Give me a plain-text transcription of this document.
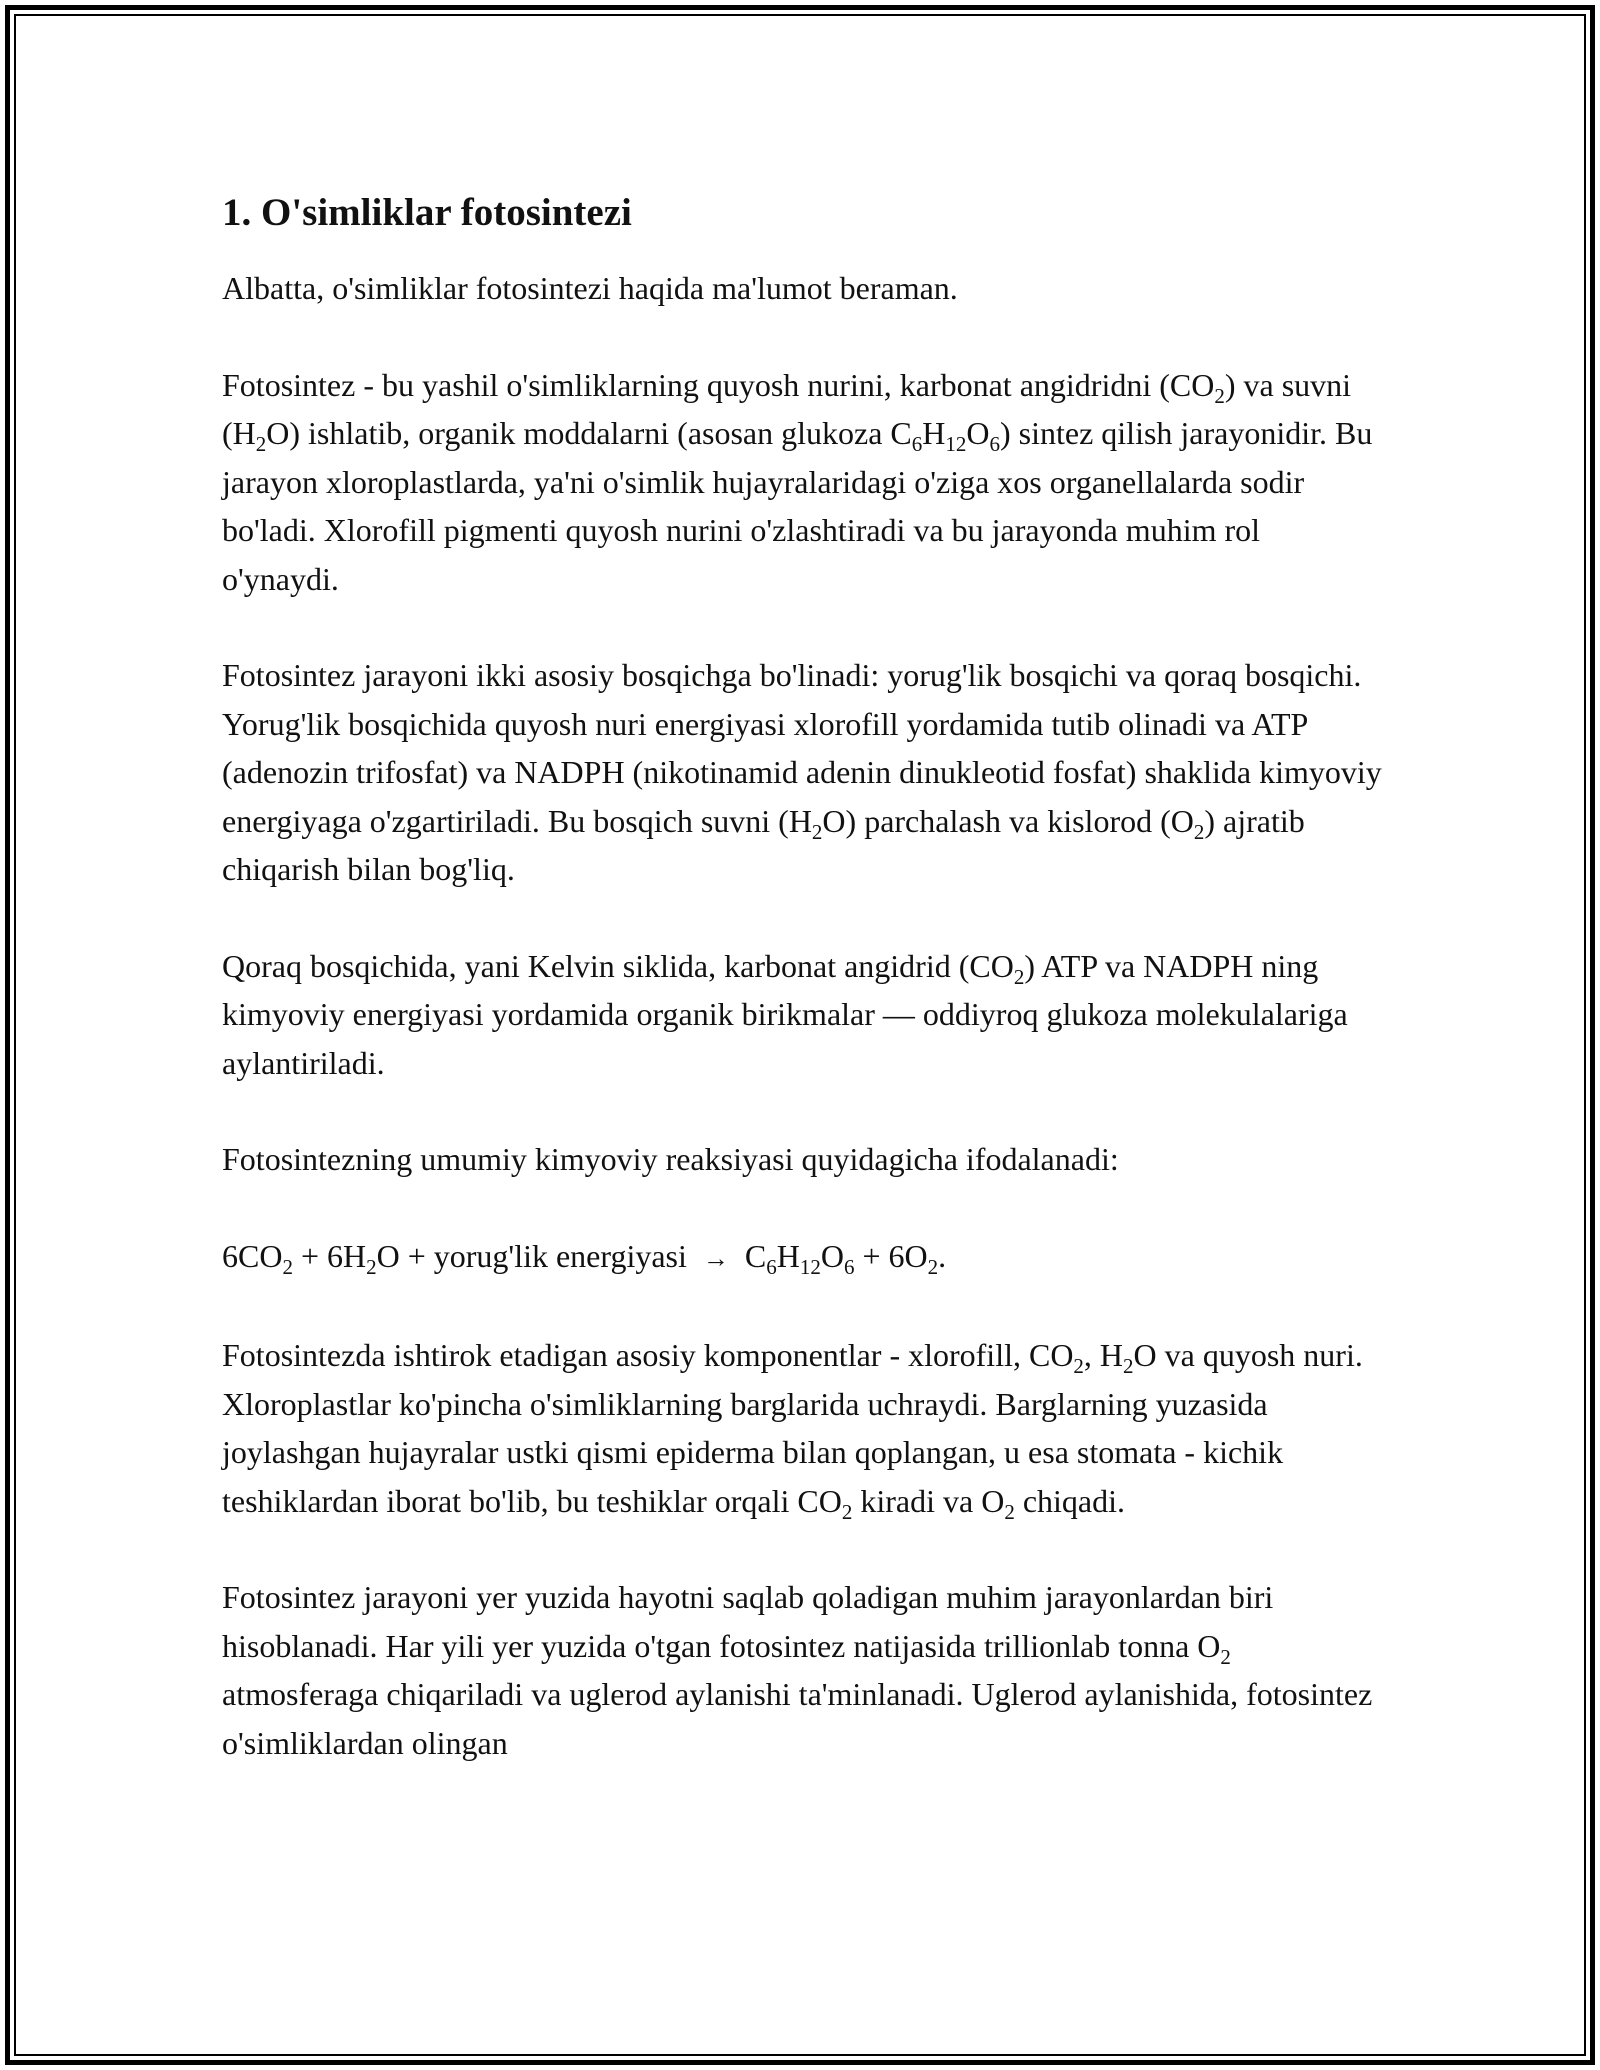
1. O'simliklar fotosintezi

Albatta, o'simliklar fotosintezi haqida ma'lumot beraman.

Fotosintez - bu yashil o'simliklarning quyosh nurini, karbonat angidridni $(CO_2)$ va suvni $(H_2O)$ ishlatib, organik moddalarni (asosan glukoza $C_6H_{12}O_6$) sintez qilish jarayonidir. Bu jarayon xloroplastlarda, ya'ni o'simlik hujayralaridagi o'ziga xos organellalarda sodir bo'ladi. Xlorofill pigmenti quyosh nurini o'zlashtiradi va bu jarayonda muhim rol o'ynaydi.

Fotosintez jarayoni ikki asosiy bosqichga bo'linadi: yorug'lik bosqichi va qoraq bosqichi. Yorug'lik bosqichida quyosh nuri energiyasi xlorofill yordamida tutib olinadi va ATP (adenozin trifosfat) va NADPH (nikotinamid adenin dinukleotid fosfat) shaklida kimyoviy energiyaga o'zgartiriladi. Bu bosqich suvni $(H_2O)$ parchalash va kislorod $(O_2)$ ajratib chiqarish bilan bog'liq.

Qoraq bosqichida, yani Kelvin siklida, karbonat angidrid $(CO_2)$ ATP va NADPH ning kimyoviy energiyasi yordamida organik birikmalar — oddiyroq glukoza molekulalariga aylantiriladi.

Fotosintezning umumiy kimyoviy reaksiyasi quyidagicha ifodalanadi:

$6CO_2 + 6H_2O$ + yorug'lik energiyasi → $C_6H_{12}O_6 + 6O_2$.

Fotosintezda ishtirok etadigan asosiy komponentlar - xlorofill, $CO_2$, $H_2O$ va quyosh nuri. Xloroplastlar ko'pincha o'simliklarning barglarida uchraydi. Barglarning yuzasida joylashgan hujayralar ustki qismi epiderma bilan qoplangan, u esa stomata - kichik teshiklardan iborat bo'lib, bu teshiklar orqali $CO_2$ kiradi va $O_2$ chiqadi.

Fotosintez jarayoni yer yuzida hayotni saqlab qoladigan muhim jarayonlardan biri hisoblanadi. Har yili yer yuzida o'tgan fotosintez natijasida trillionlab tonna $O_2$ atmosferaga chiqariladi va uglerod aylanishi ta'minlanadi. Uglerod aylanishida, fotosintez o'simliklardan olingan
